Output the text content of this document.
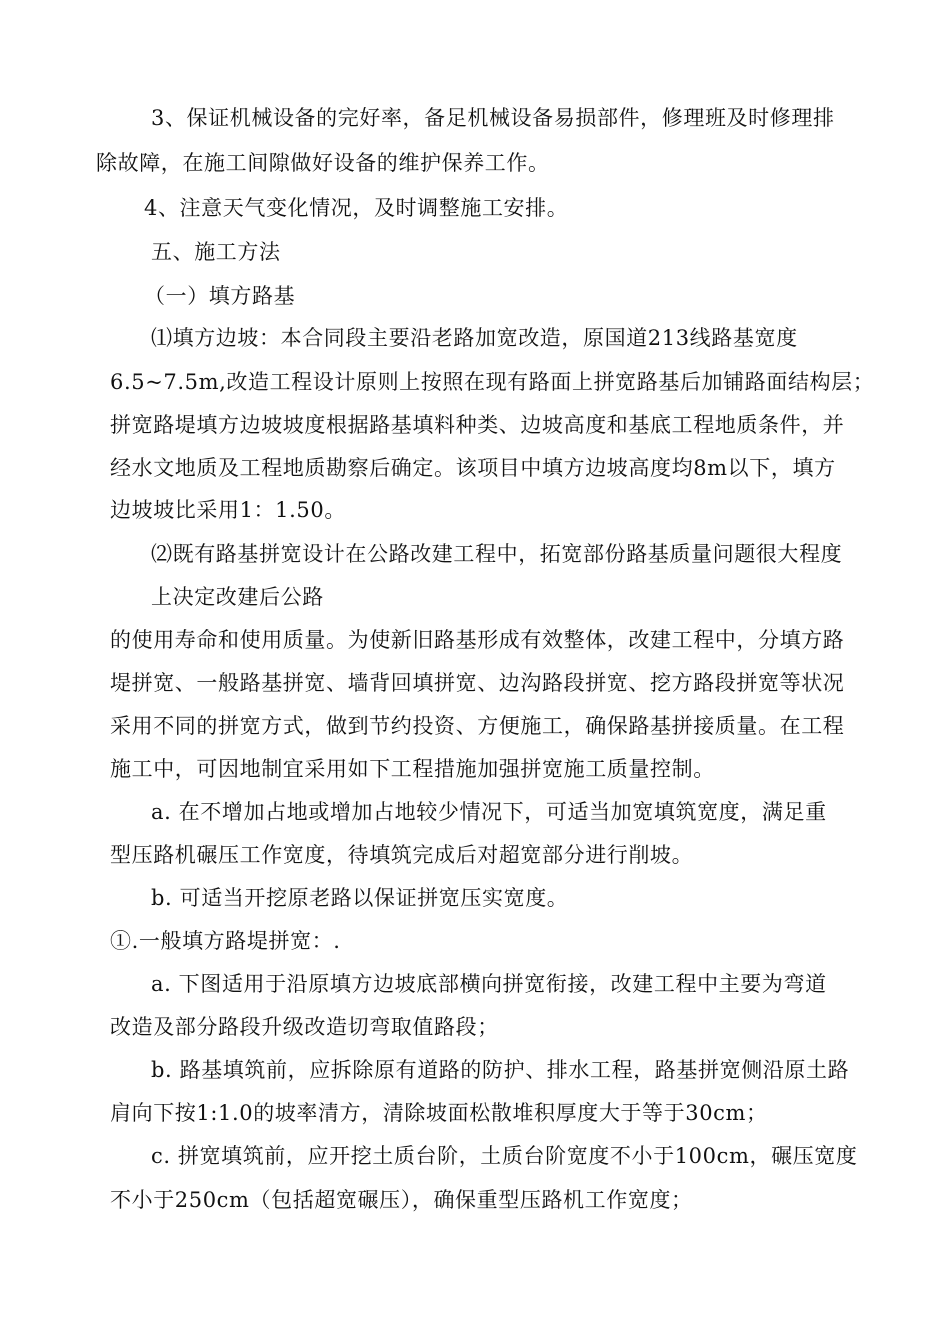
3、保证机械设备的完好率，备足机械设备易损部件，修理班及时修理排
除故障，在施工间隙做好设备的维护保养工作。
4、注意天气变化情况，及时调整施工安排。
五、施工方法
（一）填方路基
⑴填方边坡：本合同段主要沿老路加宽改造，原国道213线路基宽度
6.5~7.5m,改造工程设计原则上按照在现有路面上拼宽路基后加铺路面结构层；
拼宽路堤填方边坡坡度根据路基填料种类、边坡高度和基底工程地质条件，并
经水文地质及工程地质勘察后确定。该项目中填方边坡高度均8m以下，填方
边坡坡比采用1：1.50。
⑵既有路基拼宽设计在公路改建工程中，拓宽部份路基质量问题很大程度
上决定改建后公路
的使用寿命和使用质量。为使新旧路基形成有效整体，改建工程中，分填方路
堤拼宽、一般路基拼宽、墙背回填拼宽、边沟路段拼宽、挖方路段拼宽等状况
采用不同的拼宽方式，做到节约投资、方便施工，确保路基拼接质量。在工程
施工中，可因地制宜采用如下工程措施加强拼宽施工质量控制。
a. 在不增加占地或增加占地较少情况下，可适当加宽填筑宽度，满足重
型压路机碾压工作宽度，待填筑完成后对超宽部分进行削坡。
b. 可适当开挖原老路以保证拼宽压实宽度。
①.一般填方路堤拼宽：.
a. 下图适用于沿原填方边坡底部横向拼宽衔接，改建工程中主要为弯道
改造及部分路段升级改造切弯取值路段；
b. 路基填筑前，应拆除原有道路的防护、排水工程，路基拼宽侧沿原土路
肩向下按1:1.0的坡率清方，清除坡面松散堆积厚度大于等于30cm；
c. 拼宽填筑前，应开挖土质台阶，土质台阶宽度不小于100cm，碾压宽度
不小于250cm（包括超宽碾压），确保重型压路机工作宽度；
